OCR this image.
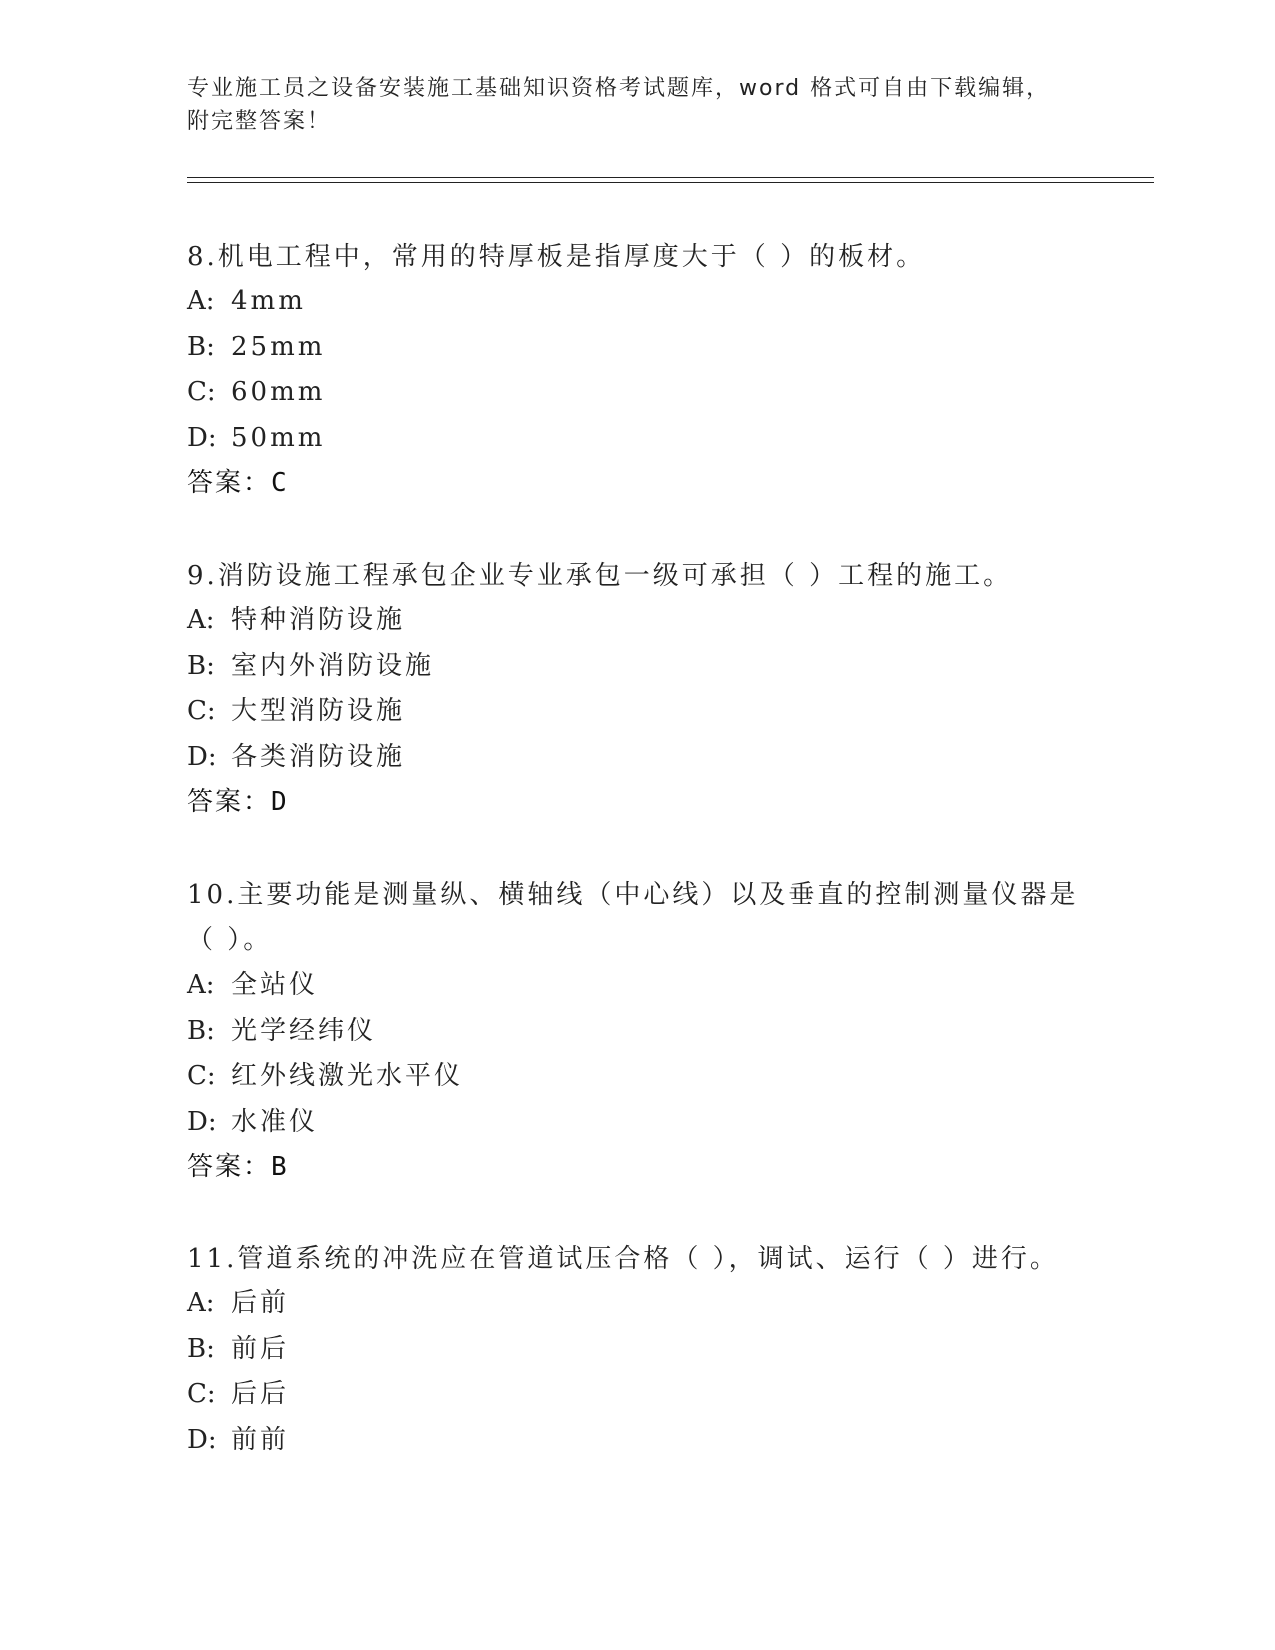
专业施工员之设备安装施工基础知识资格考试题库，word 格式可自由下载编辑，
附完整答案！
8.机电工程中，常用的特厚板是指厚度大于（ ）的板材。
A: 4mm
B: 25mm
C: 60mm
D: 50mm
答案：C
9.消防设施工程承包企业专业承包一级可承担（ ）工程的施工。
A: 特种消防设施
B: 室内外消防设施
C: 大型消防设施
D: 各类消防设施
答案：D
10.主要功能是测量纵、横轴线（中心线）以及垂直的控制测量仪器是
（ ）。
A: 全站仪
B: 光学经纬仪
C: 红外线激光水平仪
D: 水准仪
答案：B
11.管道系统的冲洗应在管道试压合格（ ），调试、运行（ ）进行。
A: 后前
B: 前后
C: 后后
D: 前前
